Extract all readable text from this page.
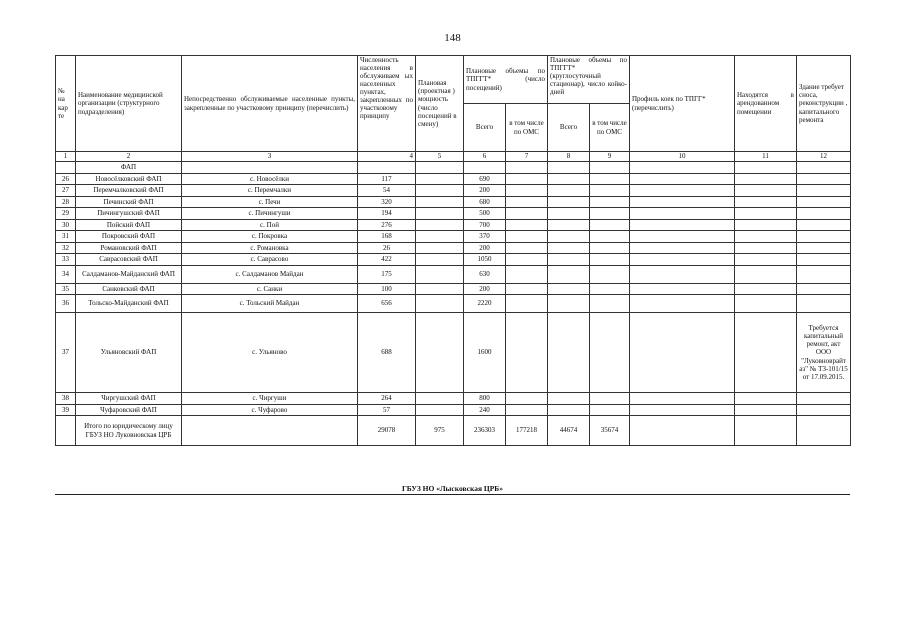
148
№ на кар те	Наименование медицинской организации (структурного подразделения)	Непосредственно обслуживаемые населенные пункты, закрепленные по участковому принципу (перечислить)	Численность населения в обслуживаем ых населенных пунктах, закрепленных по участковому принципу	Плановая (проектная ) мощность (число посещений в смену)	Плановые объемы по ТПГГТ* (число посещений)		Плановые объемы по ТПГГТ* (круглосуточный стационар), число койко-дней		Профиль коек по ТПГГ* (перечислить)	Находятся в арендованном помещении	Здание требует сноса, реконструкции , капитального ремонта
					Всего	в том числе по ОМС	Всего	в том числе по ОМС			
1	2	3	4	5	6	7	8	9	10	11	12
	ФАП										
26	Новосёлковский ФАП	с. Новосёлки	117		690						
27	Перемчалковский ФАП	с. Перемчалки	54		200						
28	Печинский ФАП	с. Печи	320		680						
29	Пичингушский ФАП	с. Пичингуши	194		500						
30	Пойский ФАП	с. Пой	276		700						
31	Покровский ФАП	с. Покровка	168		370						
32	Романовский ФАП	с. Романовка	26		200						
33	Саврасовский ФАП	с. Саврасово	422		1050						
34	Салдаманов-Майданский ФАП	с. Салдаманов Майдан	175		630						
35	Санковский ФАП	с. Санки	100		200						
36	Тольско-Майданский ФАП	с. Тольский Майдан	656		2220						
37	Ульяновский ФАП	с. Ульяново	688		1600						Требуется капитальный ремонт, акт ООО "Луковноврайт аз" № ТЗ-101/15 от 17.09.2015.
38	Чиргушский ФАП	с. Чиргуши	264		800						
39	Чуфаровский ФАП	с. Чуфарово	57		240						
	Итого по юридическому лицу ГБУЗ НО Луковновская ЦРБ		29078	975	236303	177218	44674	35674			
ГБУЗ НО «Лысковская ЦРБ»
